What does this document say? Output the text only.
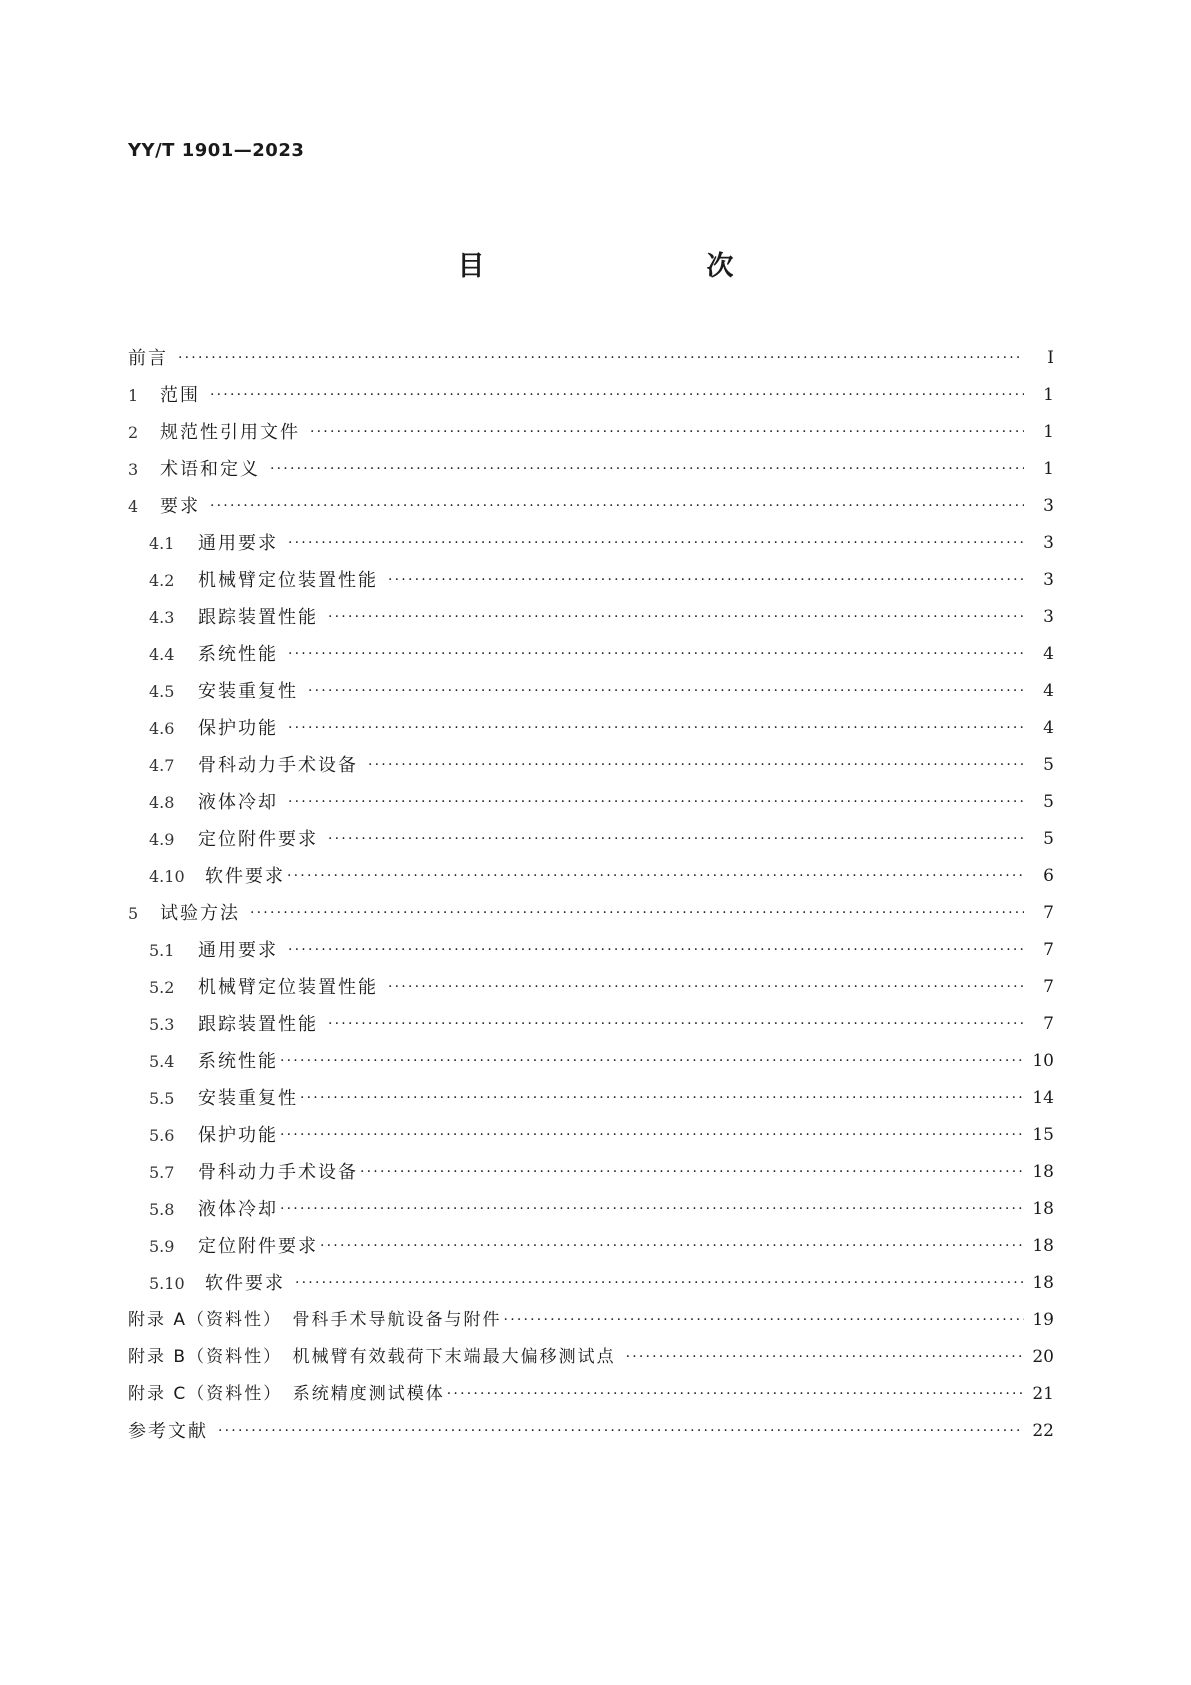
YY/T 1901—2023
目　　次
前言 ·····	Ⅰ
1 范围 ·····	1
2 规范性引用文件 ·····	1
3 术语和定义 ·····	1
4 要求 ·····	3
4.1 通用要求 ·····	3
4.2 机械臂定位装置性能 ·····	3
4.3 跟踪装置性能 ·····	3
4.4 系统性能 ·····	4
4.5 安装重复性 ·····	4
4.6 保护功能 ·····	4
4.7 骨科动力手术设备 ·····	5
4.8 液体冷却 ·····	5
4.9 定位附件要求 ·····	5
4.10 软件要求 ·····	6
5 试验方法 ·····	7
5.1 通用要求 ·····	7
5.2 机械臂定位装置性能 ·····	7
5.3 跟踪装置性能 ·····	7
5.4 系统性能 ·····	10
5.5 安装重复性 ·····	14
5.6 保护功能 ·····	15
5.7 骨科动力手术设备 ·····	18
5.8 液体冷却 ·····	18
5.9 定位附件要求 ·····	18
5.10 软件要求 ·····	18
附录 A（资料性）　骨科手术导航设备与附件 ·····	19
附录 B（资料性）　机械臂有效载荷下末端最大偏移测试点 ·····	20
附录 C（资料性）　系统精度测试模体 ·····	21
参考文献 ·····	22
